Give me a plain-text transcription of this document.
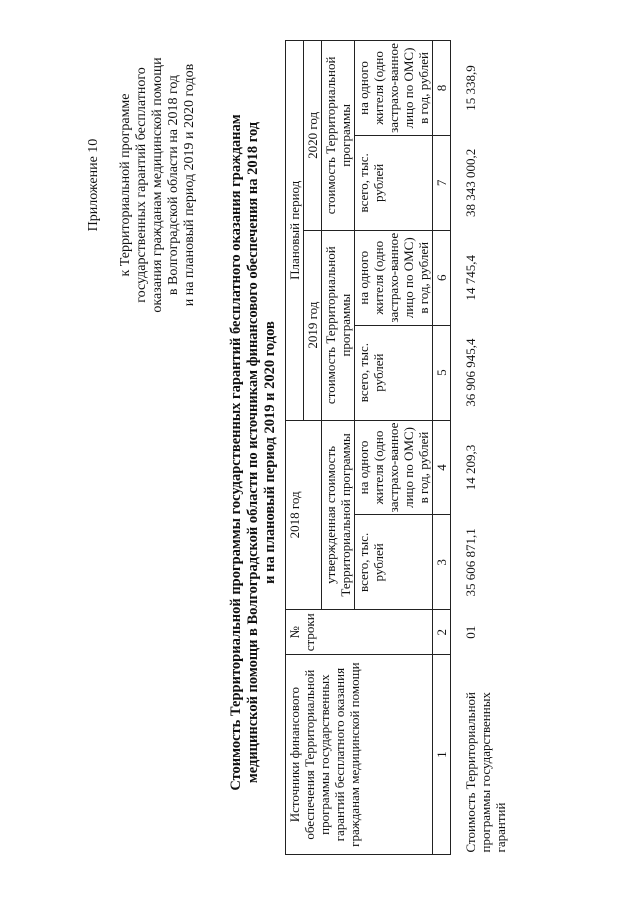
Приложение 10 к Территориальной программе государственных гарантий бесплатного оказания гражданам медицинской помощи в Волгоградской области на 2018 год и на плановый период 2019 и 2020 годов Стоимость Территориальной программы государственных гарантий бесплатного оказания гражданам медицинской помощи в Волгоградской области по источникам финансового обеспечения на 2018 год и на плановый период 2019 и 2020 годов
Источники финансового обеспечения Территориальной программы государственных гарантий бесплатного оказания гражданам медицинской помощи	№ строки	2018 год		Плановый период			
				2019 год		2020 год	
		утвержденная стоимость Территориальной программы		стоимость Территориальной программы		стоимость Территориальной программы	
		всего, тыс. рублей	на одного жителя (одно застрахо-ванное лицо по ОМС) в год, рублей	всего, тыс. рублей	на одного жителя (одно застрахо-ванное лицо по ОМС) в год, рублей	всего, тыс. рублей	на одного жителя (одно застрахо-ванное лицо по ОМС) в год, рублей
1	2	3	4	5	6	7	8
Стоимость Территориальной программы государственных гарантий	01	35 606 871,1	14 209,3	36 906 945,4	14 745,4	38 343 000,2	15 338,9
